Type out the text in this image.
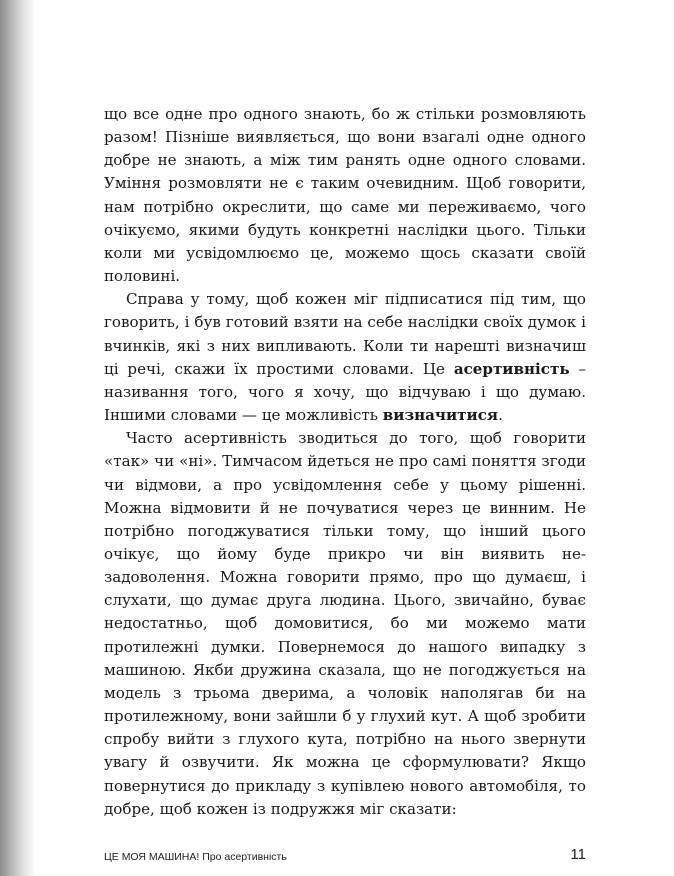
що все одне про одного знають, бо ж стільки розмовляють разом! Пізніше виявляється, що вони взагалі одне одного добре не знають, а між тим ранять одне одного словами. Уміння розмовляти не є таким очевидним. Щоб говорити, нам потрібно окреслити, що саме ми переживаємо, чого очікуємо, якими будуть конкретні наслідки цього. Тільки коли ми усвідомлюємо це, можемо щось сказати своїй половині.

Справа у тому, щоб кожен міг підписатися під тим, що говорить, і був готовий взяти на себе наслідки своїх думок і вчинків, які з них випливають. Коли ти нарешті визначиш ці речі, скажи їх простими словами. Це асертивність – називання того, чого я хочу, що відчуваю і що думаю. Іншими словами — це можливість визначитися.

Часто асертивність зводиться до того, щоб говорити «так» чи «ні». Тимчасом йдеться не про самі поняття згоди чи відмови, а про усвідомлення себе у цьому рішенні. Можна відмовити й не почуватися через це винним. Не потрібно погоджуватися тільки тому, що інший цього очікує, що йому буде прикро чи він виявить незадоволення. Можна говорити прямо, про що думаєш, і слухати, що думає друга людина. Цього, звичайно, буває недостатньо, щоб домовитися, бо ми можемо мати протилежні думки. Повернемося до нашого випадку з машиною. Якби дружина сказала, що не погоджується на модель з трьома дверима, а чоловік наполягав би на протилежному, вони зайшли б у глухий кут. А щоб зробити спробу вийти з глухого кута, потрібно на нього звернути увагу й озвучити. Як можна це сформулювати? Якщо повернутися до прикладу з купівлею нового автомобіля, то добре, щоб кожен із подружжя міг сказати:

ЦЕ МОЯ МАШИНА! Про асертивність	11
